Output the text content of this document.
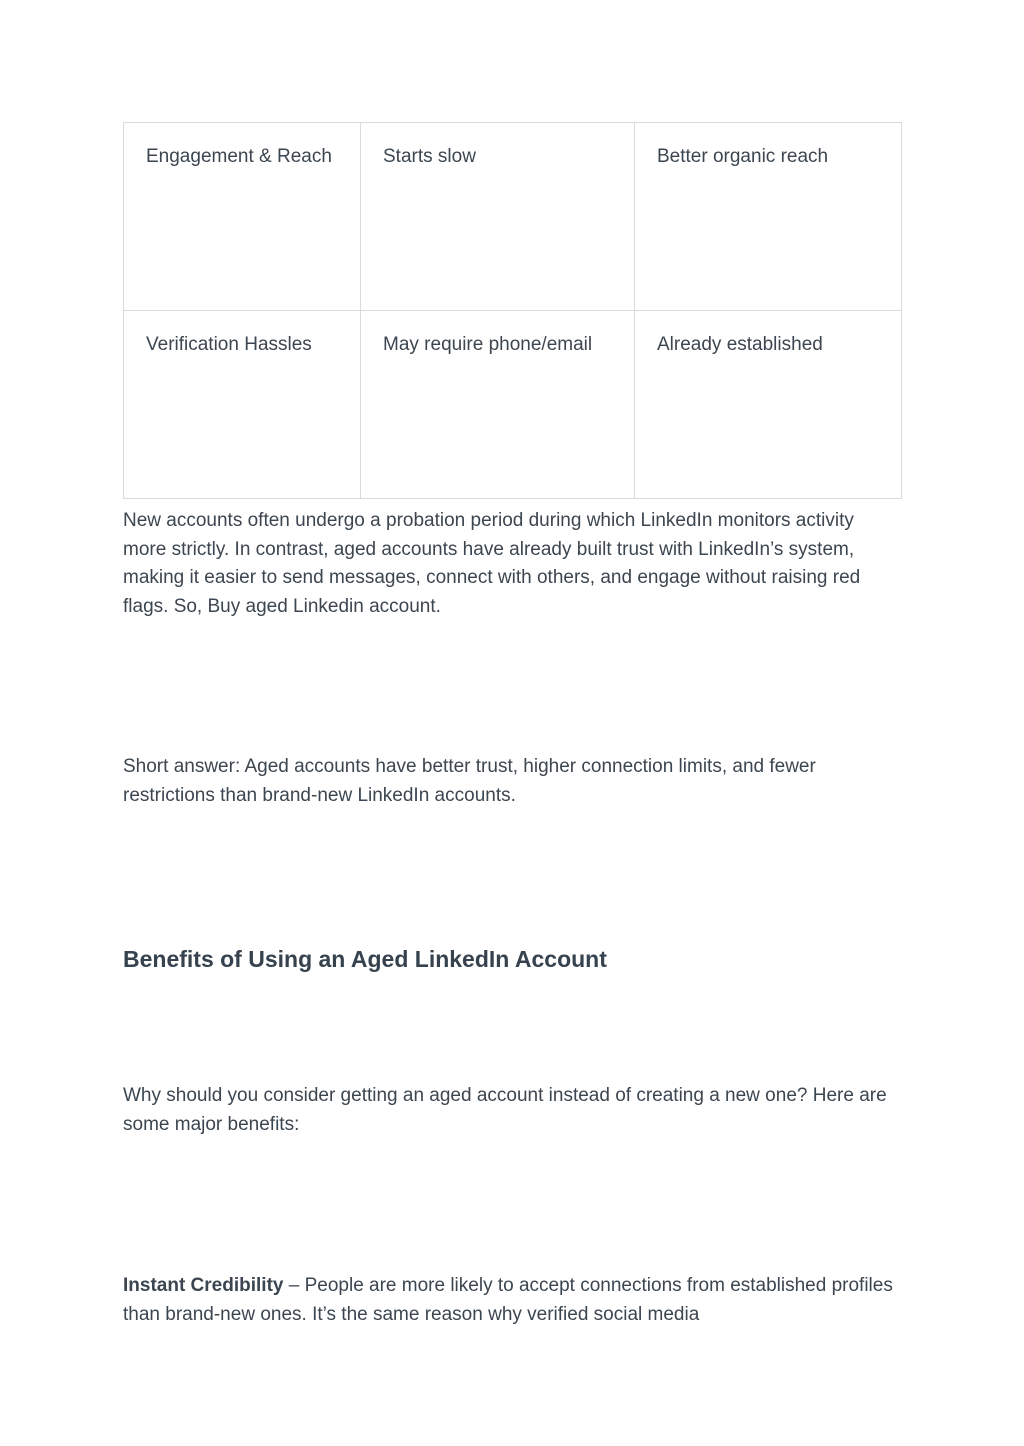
Engagement & Reach	Starts slow	Better organic reach
Verification Hassles	May require phone/email	Already established

New accounts often undergo a probation period during which LinkedIn monitors activity more strictly. In contrast, aged accounts have already built trust with LinkedIn’s system, making it easier to send messages, connect with others, and engage without raising red flags. So, Buy aged Linkedin account.

Short answer: Aged accounts have better trust, higher connection limits, and fewer restrictions than brand-new LinkedIn accounts.

Benefits of Using an Aged LinkedIn Account

Why should you consider getting an aged account instead of creating a new one? Here are some major benefits:

Instant Credibility – People are more likely to accept connections from established profiles than brand-new ones. It’s the same reason why verified social media
